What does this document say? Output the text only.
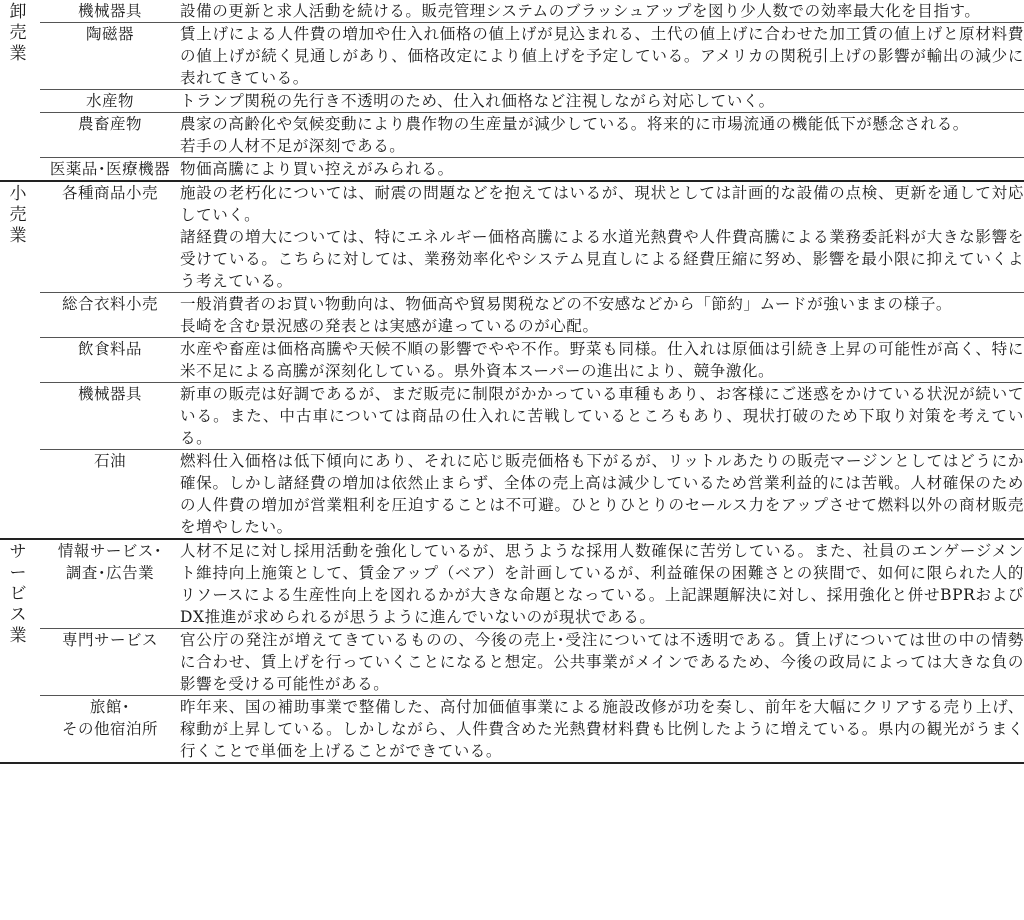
卸売業	機械器具	設備の更新と求人活動を続ける。販売管理システムのブラッシュアップを図り少人数での効率最大化を目指す。

	陶磁器	賃上げによる人件費の増加や仕入れ価格の値上げが見込まれる、土代の値上げに合わせた加工賃の値上げと原材料費の値上げが続く見通しがあり、価格改定により値上げを予定している。アメリカの関税引上げの影響が輸出の減少に表れてきている。

	水産物	トランプ関税の先行き不透明のため、仕入れ価格など注視しながら対応していく。

	農畜産物	農家の高齢化や気候変動により農作物の生産量が減少している。将来的に市場流通の機能低下が懸念される。
若手の人材不足が深刻である。

	医薬品･医療機器	物価高騰により買い控えがみられる。

小売業	各種商品小売	施設の老朽化については、耐震の問題などを抱えてはいるが、現状としては計画的な設備の点検、更新を通して対応していく。
諸経費の増大については、特にエネルギー価格高騰による水道光熱費や人件費高騰による業務委託料が大きな影響を受けている。こちらに対しては、業務効率化やシステム見直しによる経費圧縮に努め、影響を最小限に抑えていくよう考えている。

	総合衣料小売	一般消費者のお買い物動向は、物価高や貿易関税などの不安感などから「節約」ムードが強いままの様子。
長崎を含む景況感の発表とは実感が違っているのが心配。

	飲食料品	水産や畜産は価格高騰や天候不順の影響でやや不作。野菜も同様。仕入れは原価は引続き上昇の可能性が高く、特に米不足による高騰が深刻化している。県外資本スーパーの進出により、競争激化。

	機械器具	新車の販売は好調であるが、まだ販売に制限がかかっている車種もあり、お客様にご迷惑をかけている状況が続いている。また、中古車については商品の仕入れに苦戦しているところもあり、現状打破のため下取り対策を考えている。

	石油	燃料仕入価格は低下傾向にあり、それに応じ販売価格も下がるが、リットルあたりの販売マージンとしてはどうにか確保。しかし諸経費の増加は依然止まらず、全体の売上高は減少しているため営業利益的には苦戦。人材確保のための人件費の増加が営業粗利を圧迫することは不可避。ひとりひとりのセールス力をアップさせて燃料以外の商材販売を増やしたい。

サービス業	情報サービス･
調査･広告業	人材不足に対し採用活動を強化しているが、思うような採用人数確保に苦労している。また、社員のエンゲージメント維持向上施策として、賃金アップ（ベア）を計画しているが、利益確保の困難さとの狭間で、如何に限られた人的リソースによる生産性向上を図れるかが大きな命題となっている。上記課題解決に対し、採用強化と併せBPRおよびDX推進が求められるが思うように進んでいないのが現状である。

	専門サービス	官公庁の発注が増えてきているものの、今後の売上･受注については不透明である。賃上げについては世の中の情勢に合わせ、賃上げを行っていくことになると想定。公共事業がメインであるため、今後の政局によっては大きな負の影響を受ける可能性がある。

	旅館･
その他宿泊所	昨年来、国の補助事業で整備した、高付加価値事業による施設改修が功を奏し、前年を大幅にクリアする売り上げ、稼動が上昇している。しかしながら、人件費含めた光熱費材料費も比例したように増えている。県内の観光がうまく行くことで単価を上げることができている。
